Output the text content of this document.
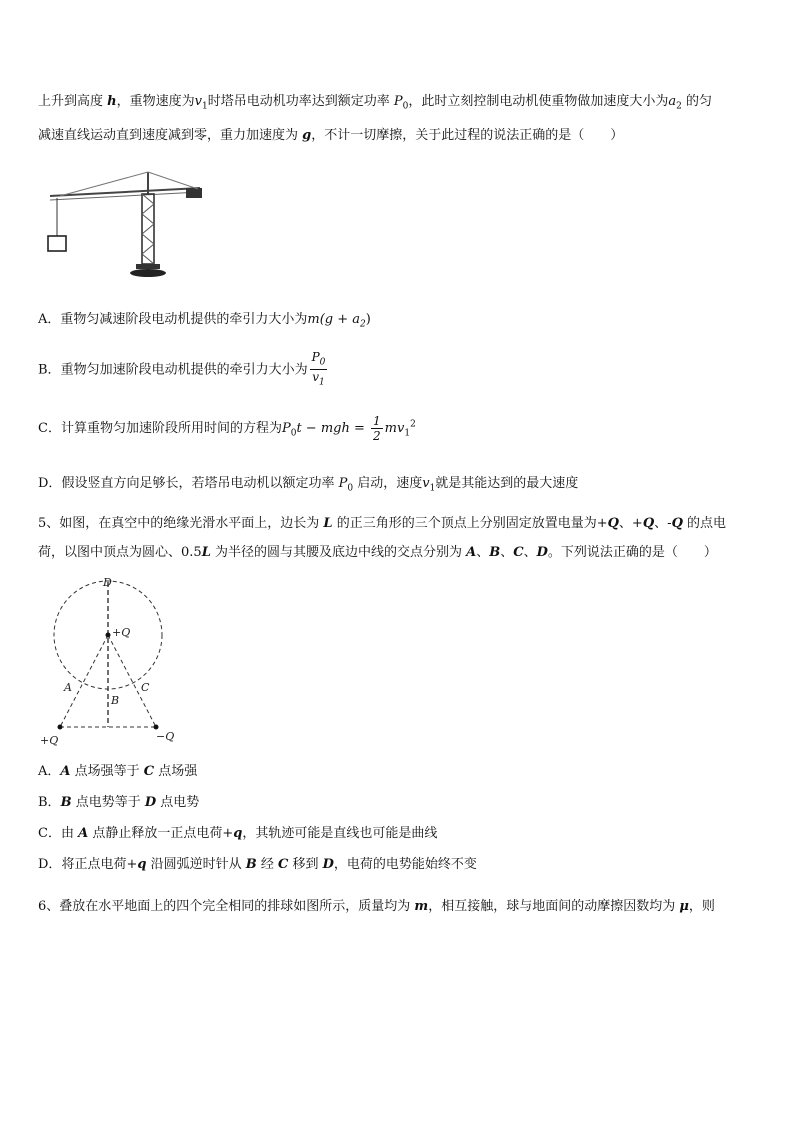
上升到高度 h，重物速度为$v_1$时塔吊电动机功率达到额定功率 $P_0$，此时立刻控制电动机使重物做加速度大小为$a_2$ 的匀
减速直线运动直到速度减到零，重力加速度为 g，不计一切摩擦，关于此过程的说法正确的是（　　）
A．重物匀减速阶段电动机提供的牵引力大小为$m(g + a_2)$
B．重物匀加速阶段电动机提供的牵引力大小为 $\frac{P_0}{v_1}$
C．计算重物匀加速阶段所用时间的方程为$P_0t$ − mgh = $\frac{1}{2} mv_1^2$
D．假设竖直方向足够长，若塔吊电动机以额定功率 $P_0$ 启动，速度$v_1$就是其能达到的最大速度
5、如图，在真空中的绝缘光滑水平面上，边长为 L 的正三角形的三个顶点上分别固定放置电量为+Q、+Q、-Q 的点电
荷，以图中顶点为圆心、0.5L 为半径的圆与其腰及底边中线的交点分别为 A、B、C、D。下列说法正确的是（　　）
D
+Q
A
B
C
+Q	−Q
A．A 点场强等于 C 点场强
B．B 点电势等于 D 点电势
C．由 A 点静止释放一正点电荷+q，其轨迹可能是直线也可能是曲线
D．将正点电荷+q 沿圆弧逆时针从 B 经 C 移到 D，电荷的电势能始终不变
6、叠放在水平地面上的四个完全相同的排球如图所示，质量均为 m，相互接触，球与地面间的动摩擦因数均为 μ，则
